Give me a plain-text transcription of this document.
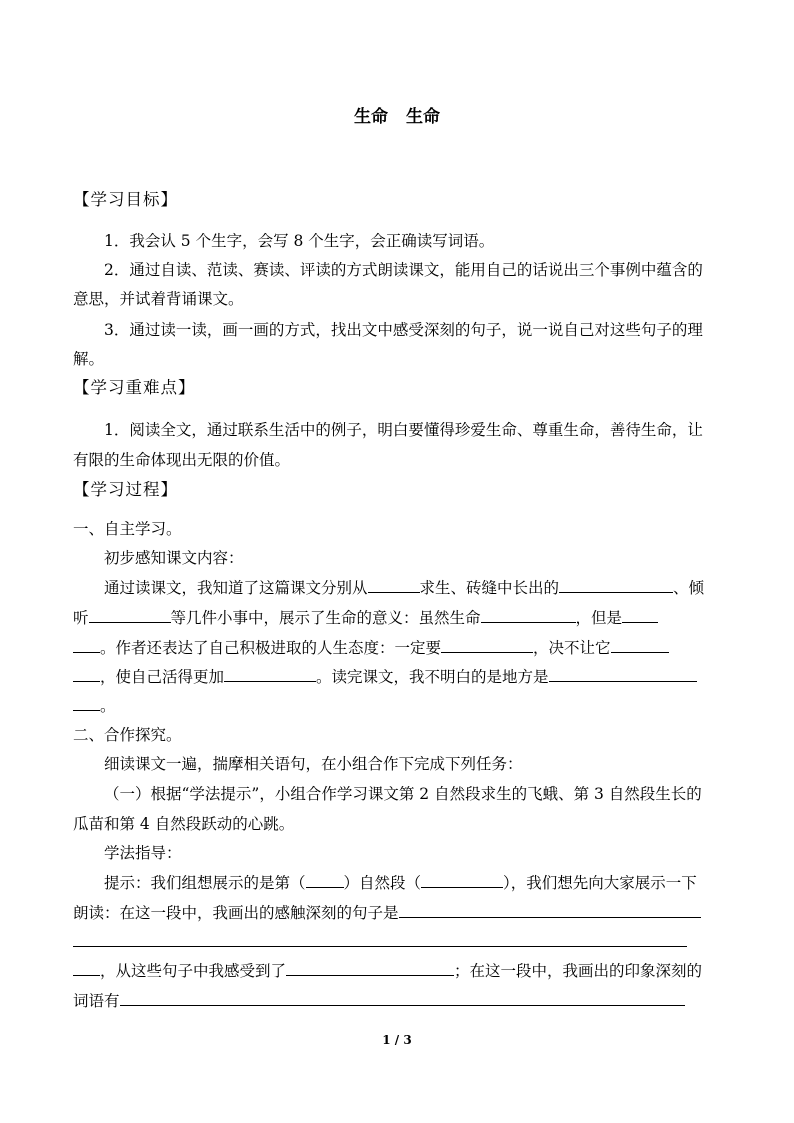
生命 生命
【学习目标】
1．我会认 5 个生字，会写 8 个生字，会正确读写词语。
2．通过自读、范读、赛读、评读的方式朗读课文，能用自己的话说出三个事例中蕴含的
意思，并试着背诵课文。
3．通过读一读，画一画的方式，找出文中感受深刻的句子，说一说自己对这些句子的理
解。
【学习重难点】
1．阅读全文，通过联系生活中的例子，明白要懂得珍爱生命、尊重生命，善待生命，让
有限的生命体现出无限的价值。
【学习过程】
一、自主学习。
初步感知课文内容：
通过读课文，我知道了这篇课文分别从	求生、砖缝中长出的	、倾
听	等几件小事中，展示了生命的意义：虽然生命	，但是
。作者还表达了自己积极进取的人生态度：一定要	，决不让它
，使自己活得更加	。读完课文，我不明白的是地方是
。
二、合作探究。
细读课文一遍，揣摩相关语句，在小组合作下完成下列任务：
（一）根据“学法提示”，小组合作学习课文第 2 自然段求生的飞蛾、第 3 自然段生长的
瓜苗和第 4 自然段跃动的心跳。
学法指导：
提示：我们组想展示的是第（ ）自然段（	），我们想先向大家展示一下
朗读：在这一段中，我画出的感触深刻的句子是
，从这些句子中我感受到了	；在这一段中，我画出的印象深刻的
词语有
1 / 3
